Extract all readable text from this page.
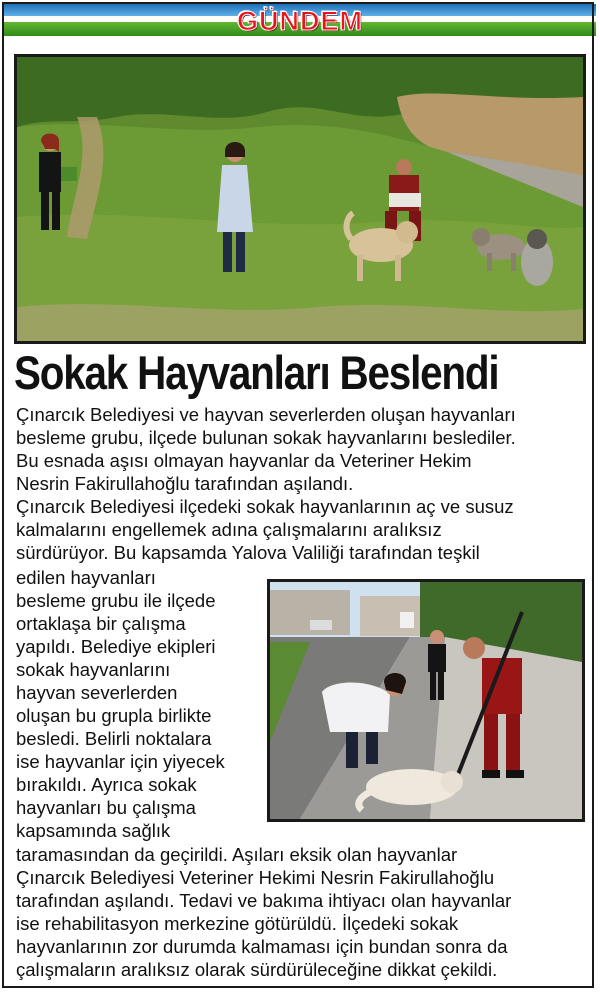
GÜNDEM
Sokak Hayvanları Beslendi

Çınarcık Belediyesi ve hayvan severlerden oluşan hayvanları

besleme grubu, ilçede bulunan sokak hayvanlarını beslediler.

Bu esnada aşısı olmayan hayvanlar da Veteriner Hekim

Nesrin Fakirullahoğlu tarafından aşılandı.

Çınarcık Belediyesi ilçedeki sokak hayvanlarının aç ve susuz

kalmalarını engellemek adına çalışmalarını aralıksız

sürdürüyor. Bu kapsamda Yalova Valiliği tarafından teşkil

edilen hayvanları

besleme grubu ile ilçede

ortaklaşa bir çalışma

yapıldı. Belediye ekipleri

sokak hayvanlarını

hayvan severlerden

oluşan bu grupla birlikte

besledi. Belirli noktalara

ise hayvanlar için yiyecek

bırakıldı. Ayrıca sokak

hayvanları bu çalışma

kapsamında sağlık

taramasından da geçirildi. Aşıları eksik olan hayvanlar

Çınarcık Belediyesi Veteriner Hekimi Nesrin Fakirullahoğlu

tarafından aşılandı. Tedavi ve bakıma ihtiyacı olan hayvanlar

ise rehabilitasyon merkezine götürüldü. İlçedeki sokak

hayvanlarının zor durumda kalmaması için bundan sonra da

çalışmaların aralıksız olarak sürdürüleceğine dikkat çekildi.
